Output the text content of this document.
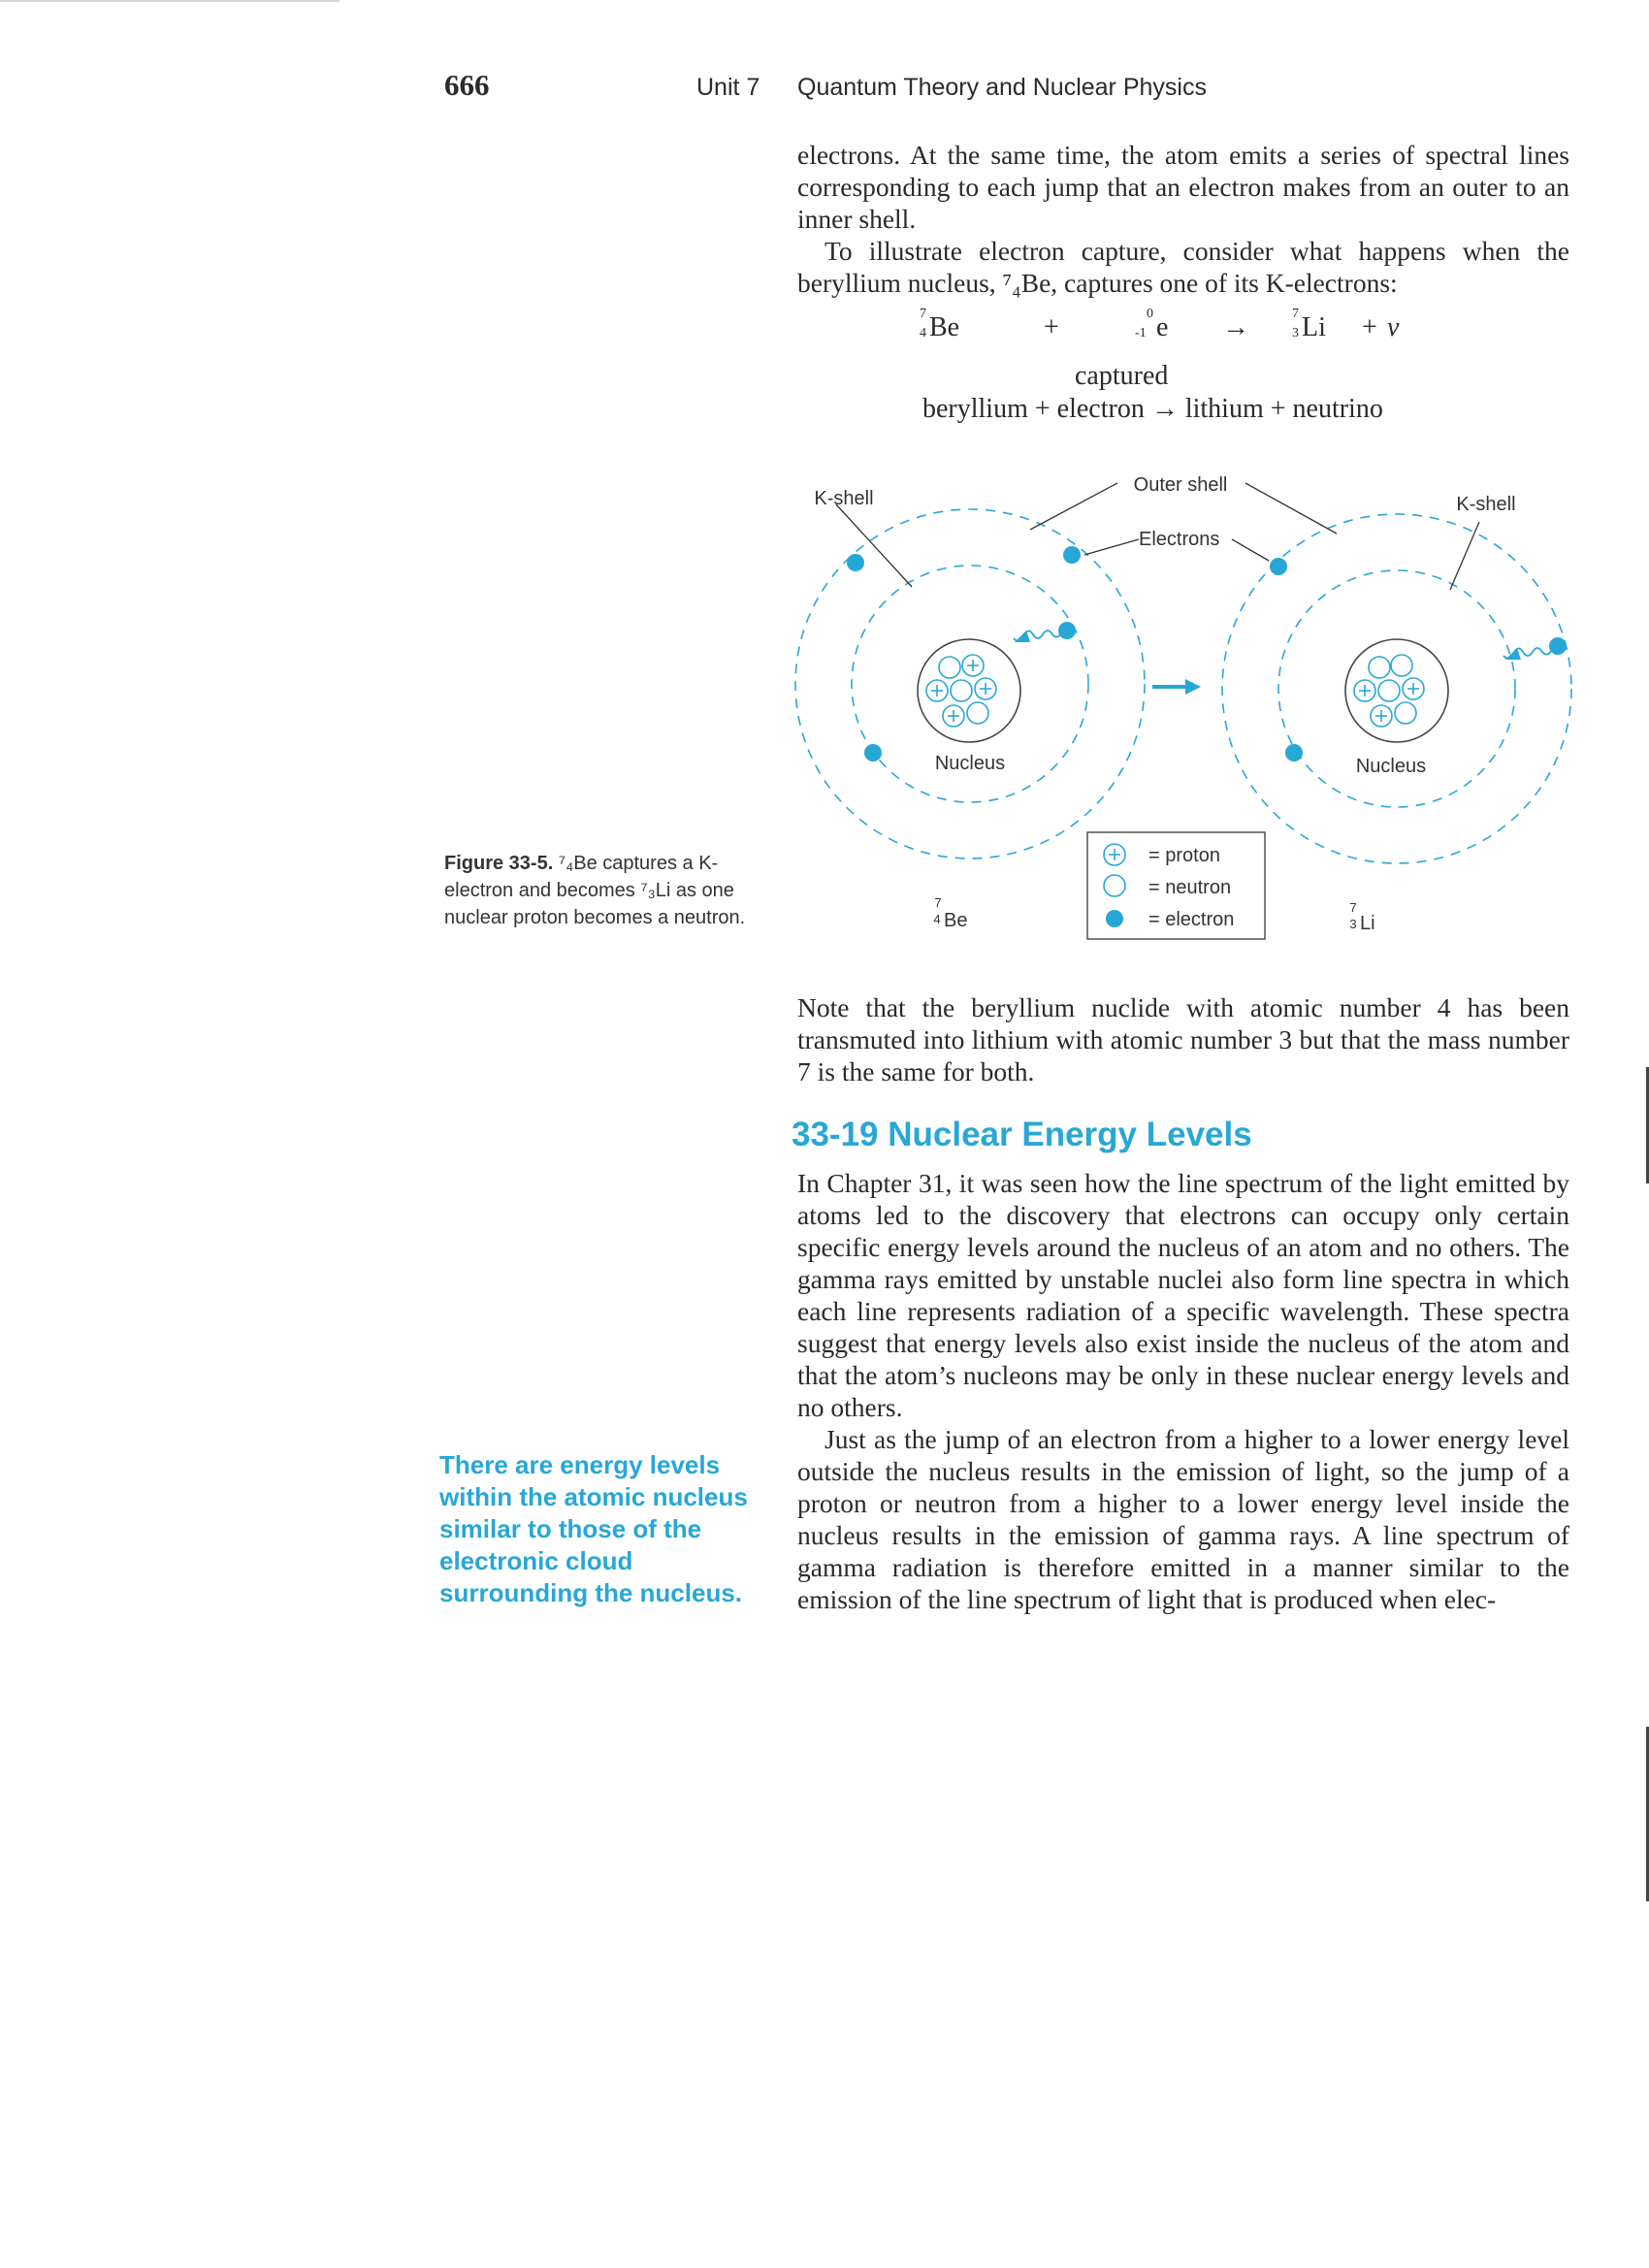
666	Unit 7 Quantum Theory and Nuclear Physics

electrons. At the same time, the atom emits a series of spectral lines corresponding to each jump that an electron makes from an outer to an inner shell.

To illustrate electron capture, consider what happens when the beryllium nucleus, ⁷₄Be, captures one of its K-electrons:

7
4 Be	+	0
-1 e →	7
3 Li + ν
captured
beryllium + electron → lithium + neutrino
Nucleus
K-shell
7
4 Be
Nucleus
K-shell
7
3 Li
Outer shell
Electrons
= proton
= neutron
= electron
Figure 33-5. ⁷₄Be captures a K-electron and becomes ⁷₃Li as one nuclear proton becomes a neutron.
Note that the beryllium nuclide with atomic number 4 has been transmuted into lithium with atomic number 3 but that the mass number 7 is the same for both.
33-19 Nuclear Energy Levels

In Chapter 31, it was seen how the line spectrum of the light emitted by atoms led to the discovery that electrons can occupy only certain specific energy levels around the nucleus of an atom and no others. The gamma rays emitted by unstable nuclei also form line spectra in which each line represents radiation of a specific wavelength. These spectra suggest that energy levels also exist inside the nucleus of the atom and that the atom’s nucleons may be only in these nuclear energy levels and no others.

Just as the jump of an electron from a higher to a lower energy level outside the nucleus results in the emission of light, so the jump of a proton or neutron from a higher to a lower energy level inside the nucleus results in the emission of gamma rays. A line spectrum of gamma radiation is therefore emitted in a manner similar to the emission of the line spectrum of light that is produced when elec-

There are energy levels within the atomic nucleus similar to those of the electronic cloud surrounding the nucleus.
